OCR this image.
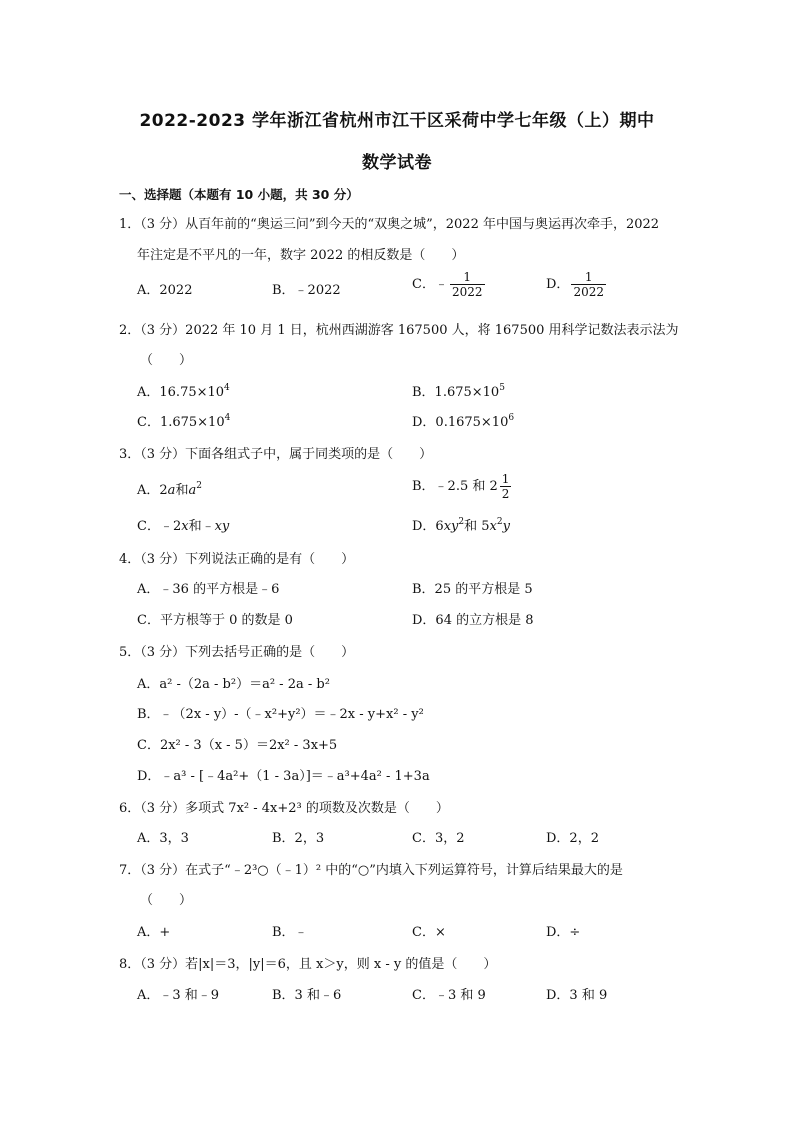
2022-2023 学年浙江省杭州市江干区采荷中学七年级（上）期中
数学试卷
一、选择题（本题有 10 小题，共 30 分）
1．（3 分）从百年前的“奥运三问”到今天的“双奥之城”，2022 年中国与奥运再次牵手，2022
年注定是不平凡的一年，数字 2022 的相反数是（　　）
A．2022	B．﹣2022	C．﹣ $\frac{1}{2022}$	D． $\frac{1}{2022}$
2．（3 分）2022 年 10 月 1 日，杭州西湖游客 167500 人，将 167500 用科学记数法表示法为
（　　）
A．$16.75\times 10^4$	B．$1.675\times 10^5$
C．$1.675\times 10^4$	D．$0.1675\times 10^6$
3．（3 分）下面各组式子中，属于同类项的是（　　）
A．2a和$a^2$	B．﹣2.5 和 $2 \frac{1}{2}$
C．﹣2x和﹣xy	D．$6xy^2$和 $5x^2y$
4．（3 分）下列说法正确的是有（　　）
A．﹣36 的平方根是﹣6	B．25 的平方根是 5
C．平方根等于 0 的数是 0	D．64 的立方根是 8
5．（3 分）下列去括号正确的是（　　）
A．a² -（2a - b²）＝a² - 2a - b²
B．﹣（2x - y）-（﹣x²+y²）＝﹣2x - y+x² - y²
C．2x² - 3（x - 5）＝2x² - 3x+5
D．﹣a³ - [﹣4a²+（1 - 3a）]＝﹣a³+4a² - 1+3a
6．（3 分）多项式 7x² - 4x+2³ 的项数及次数是（　　）
A．3，3	B．2，3	C．3，2	D．2，2
7．（3 分）在式子“﹣2³○（﹣1）² 中的“○”内填入下列运算符号，计算后结果最大的是
（　　）
A．+	B．﹣	C．×	D．÷
8．（3 分）若|x|＝3，|y|＝6，且 x＞y，则 x - y 的值是（　　）
A．﹣3 和﹣9	B．3 和﹣6	C．﹣3 和 9	D．3 和 9
